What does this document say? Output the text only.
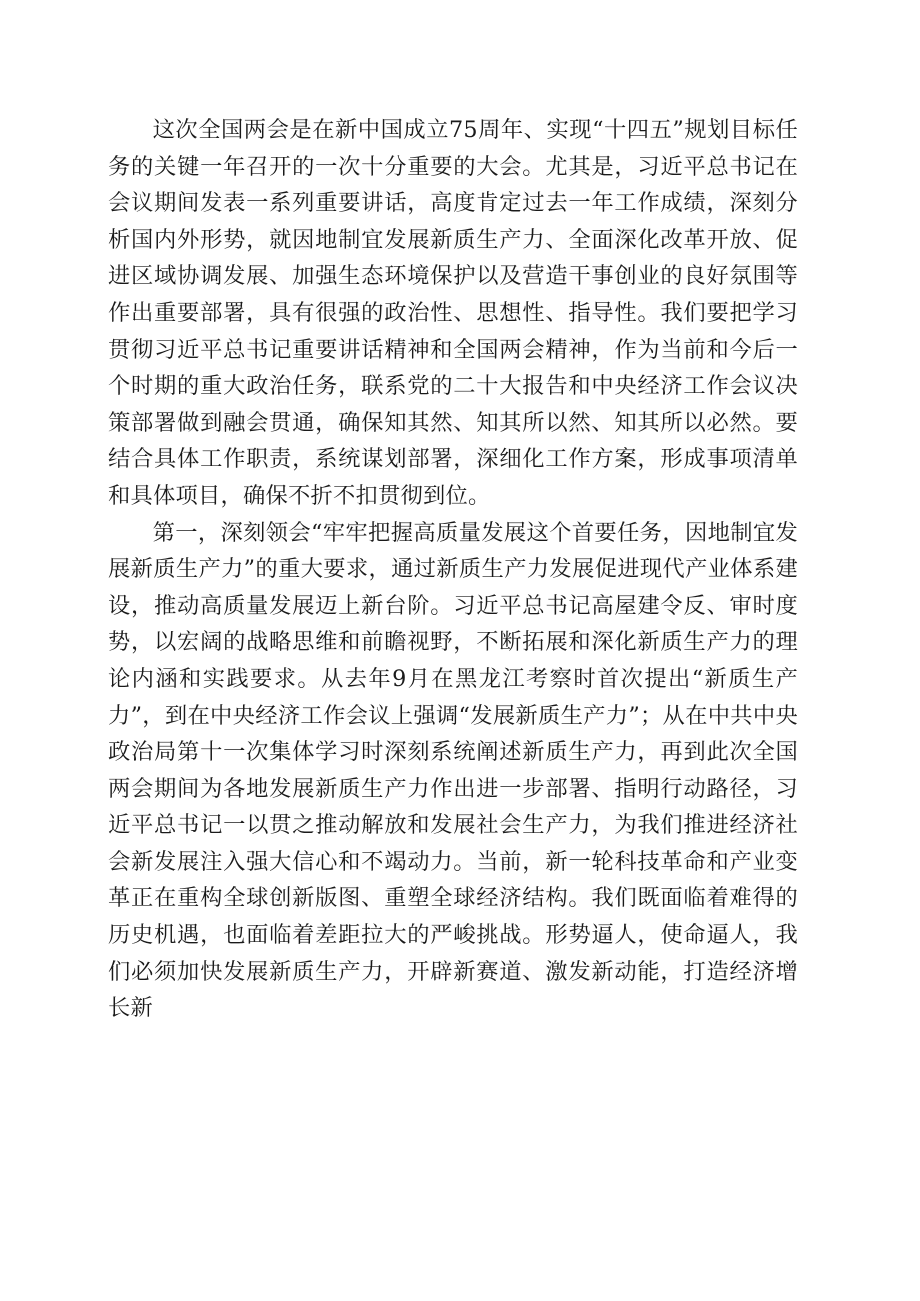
这次全国两会是在新中国成立75周年、实现“十四五”规划目标任务的关键一年召开的一次十分重要的大会。尤其是，习近平总书记在会议期间发表一系列重要讲话，高度肯定过去一年工作成绩，深刻分析国内外形势，就因地制宜发展新质生产力、全面深化改革开放、促进区域协调发展、加强生态环境保护以及营造干事创业的良好氛围等作出重要部署，具有很强的政治性、思想性、指导性。我们要把学习贯彻习近平总书记重要讲话精神和全国两会精神，作为当前和今后一个时期的重大政治任务，联系党的二十大报告和中央经济工作会议决策部署做到融会贯通，确保知其然、知其所以然、知其所以必然。要结合具体工作职责，系统谋划部署，深细化工作方案，形成事项清单和具体项目，确保不折不扣贯彻到位。

第一，深刻领会“牢牢把握高质量发展这个首要任务，因地制宜发展新质生产力”的重大要求，通过新质生产力发展促进现代产业体系建设，推动高质量发展迈上新台阶。习近平总书记高屋建令反、审时度势，以宏阔的战略思维和前瞻视野，不断拓展和深化新质生产力的理论内涵和实践要求。从去年9月在黑龙江考察时首次提出“新质生产力”，到在中央经济工作会议上强调“发展新质生产力”；从在中共中央政治局第十一次集体学习时深刻系统阐述新质生产力，再到此次全国两会期间为各地发展新质生产力作出进一步部署、指明行动路径，习近平总书记一以贯之推动解放和发展社会生产力，为我们推进经济社会新发展注入强大信心和不竭动力。当前，新一轮科技革命和产业变革正在重构全球创新版图、重塑全球经济结构。我们既面临着难得的历史机遇，也面临着差距拉大的严峻挑战。形势逼人，使命逼人，我们必须加快发展新质生产力，开辟新赛道、激发新动能，打造经济增长新
